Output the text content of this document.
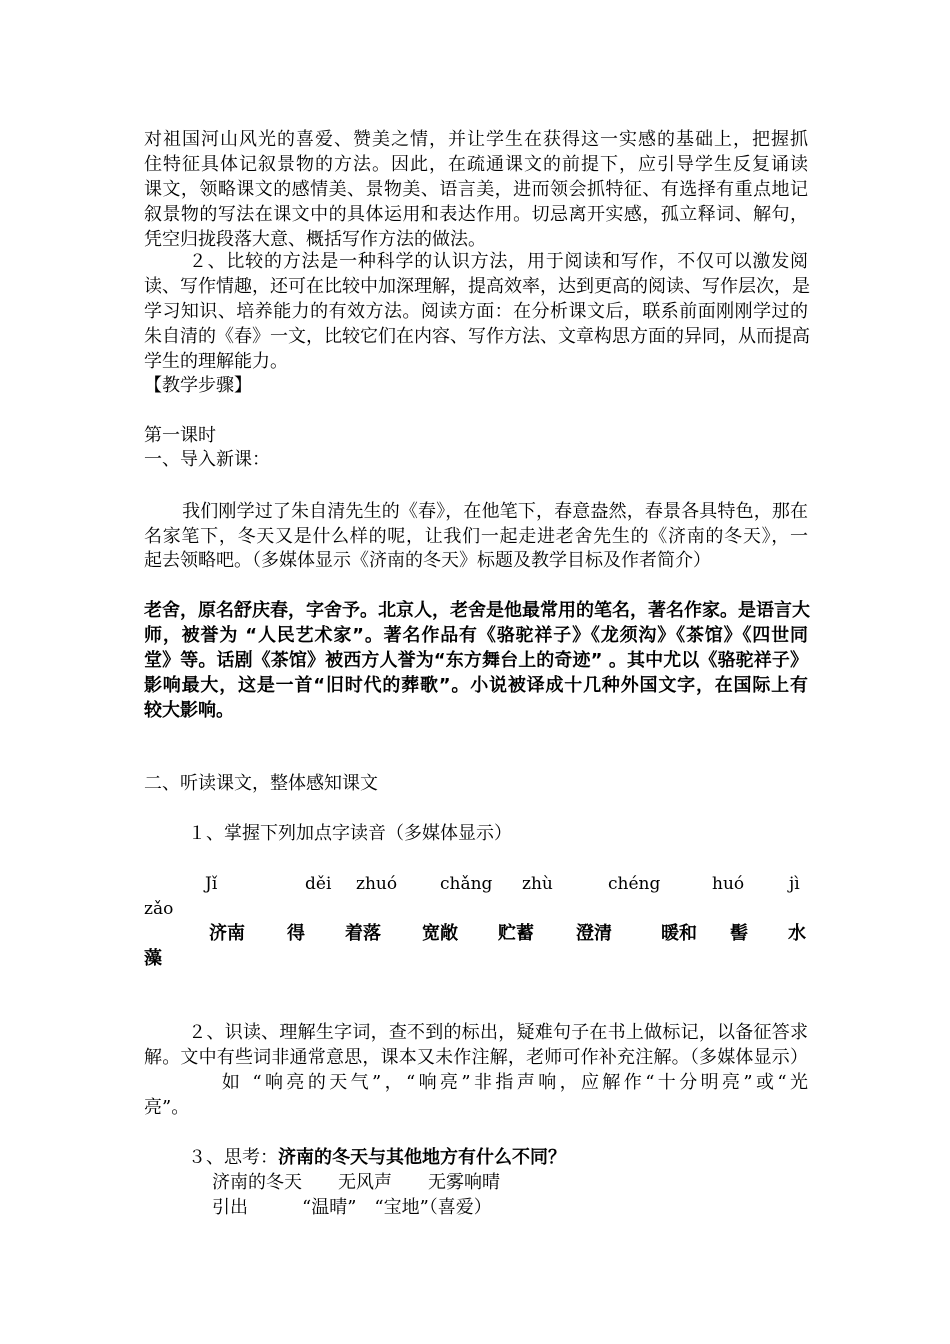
对祖国河山风光的喜爱、赞美之情，并让学生在获得这一实感的基础上，把握抓
住特征具体记叙景物的方法。因此，在疏通课文的前提下，应引导学生反复诵读
课文，领略课文的感情美、景物美、语言美，进而领会抓特征、有选择有重点地记
叙景物的写法在课文中的具体运用和表达作用。切忌离开实感，孤立释词、解句，
凭空归拢段落大意、概括写作方法的做法。
　２、比较的方法是一种科学的认识方法，用于阅读和写作，不仅可以激发阅
读、写作情趣，还可在比较中加深理解，提高效率，达到更高的阅读、写作层次，是
学习知识、培养能力的有效方法。阅读方面：在分析课文后，联系前面刚刚学过的
朱自清的《春》一文，比较它们在内容、写作方法、文章构思方面的异同，从而提高
学生的理解能力。
【教学步骤】
第一课时
一、导入新课：
　我们刚学过了朱自清先生的《春》，在他笔下，春意盎然，春景各具特色，那在
名家笔下，冬天又是什么样的呢，让我们一起走进老舍先生的《济南的冬天》，一
起去领略吧。（多媒体显示《济南的冬天》标题及教学目标及作者简介）
老舍，原名舒庆春，字舍予。北京人，老舍是他最常用的笔名，著名作家。是语言大
师，被誉为 “人民艺术家”。著名作品有《骆驼祥子》《龙须沟》《茶馆》《四世同
堂》等。话剧《茶馆》被西方人誉为“东方舞台上的奇迹” 。其中尤以《骆驼祥子》
影响最大，这是一首“旧时代的葬歌”。小说被译成十几种外国文字，在国际上有
较大影响。
二、听读课文，整体感知课文
１、掌握下列加点字读音（多媒体显示）
Jǐ	děi zhuó	chǎng zhù	chéng	huó	jì
zǎo
济南 得 着落 宽敞 贮蓄 澄清	暖和 髻 水
藻
　２、识读、理解生字词，查不到的标出，疑难句子在书上做标记，以备征答求
解。文中有些词非通常意思，课本又未作注解，老师可作补充注解。（多媒体显示）
　　 如 “响亮的天气”，“响亮”非指声响，应解作“十分明亮”或“光
亮”。
３、思考：济南的冬天与其他地方有什么不同？
济南的冬天　　无风声　　无雾响晴
引出　　　“温晴”　“宝地”（喜爱）
